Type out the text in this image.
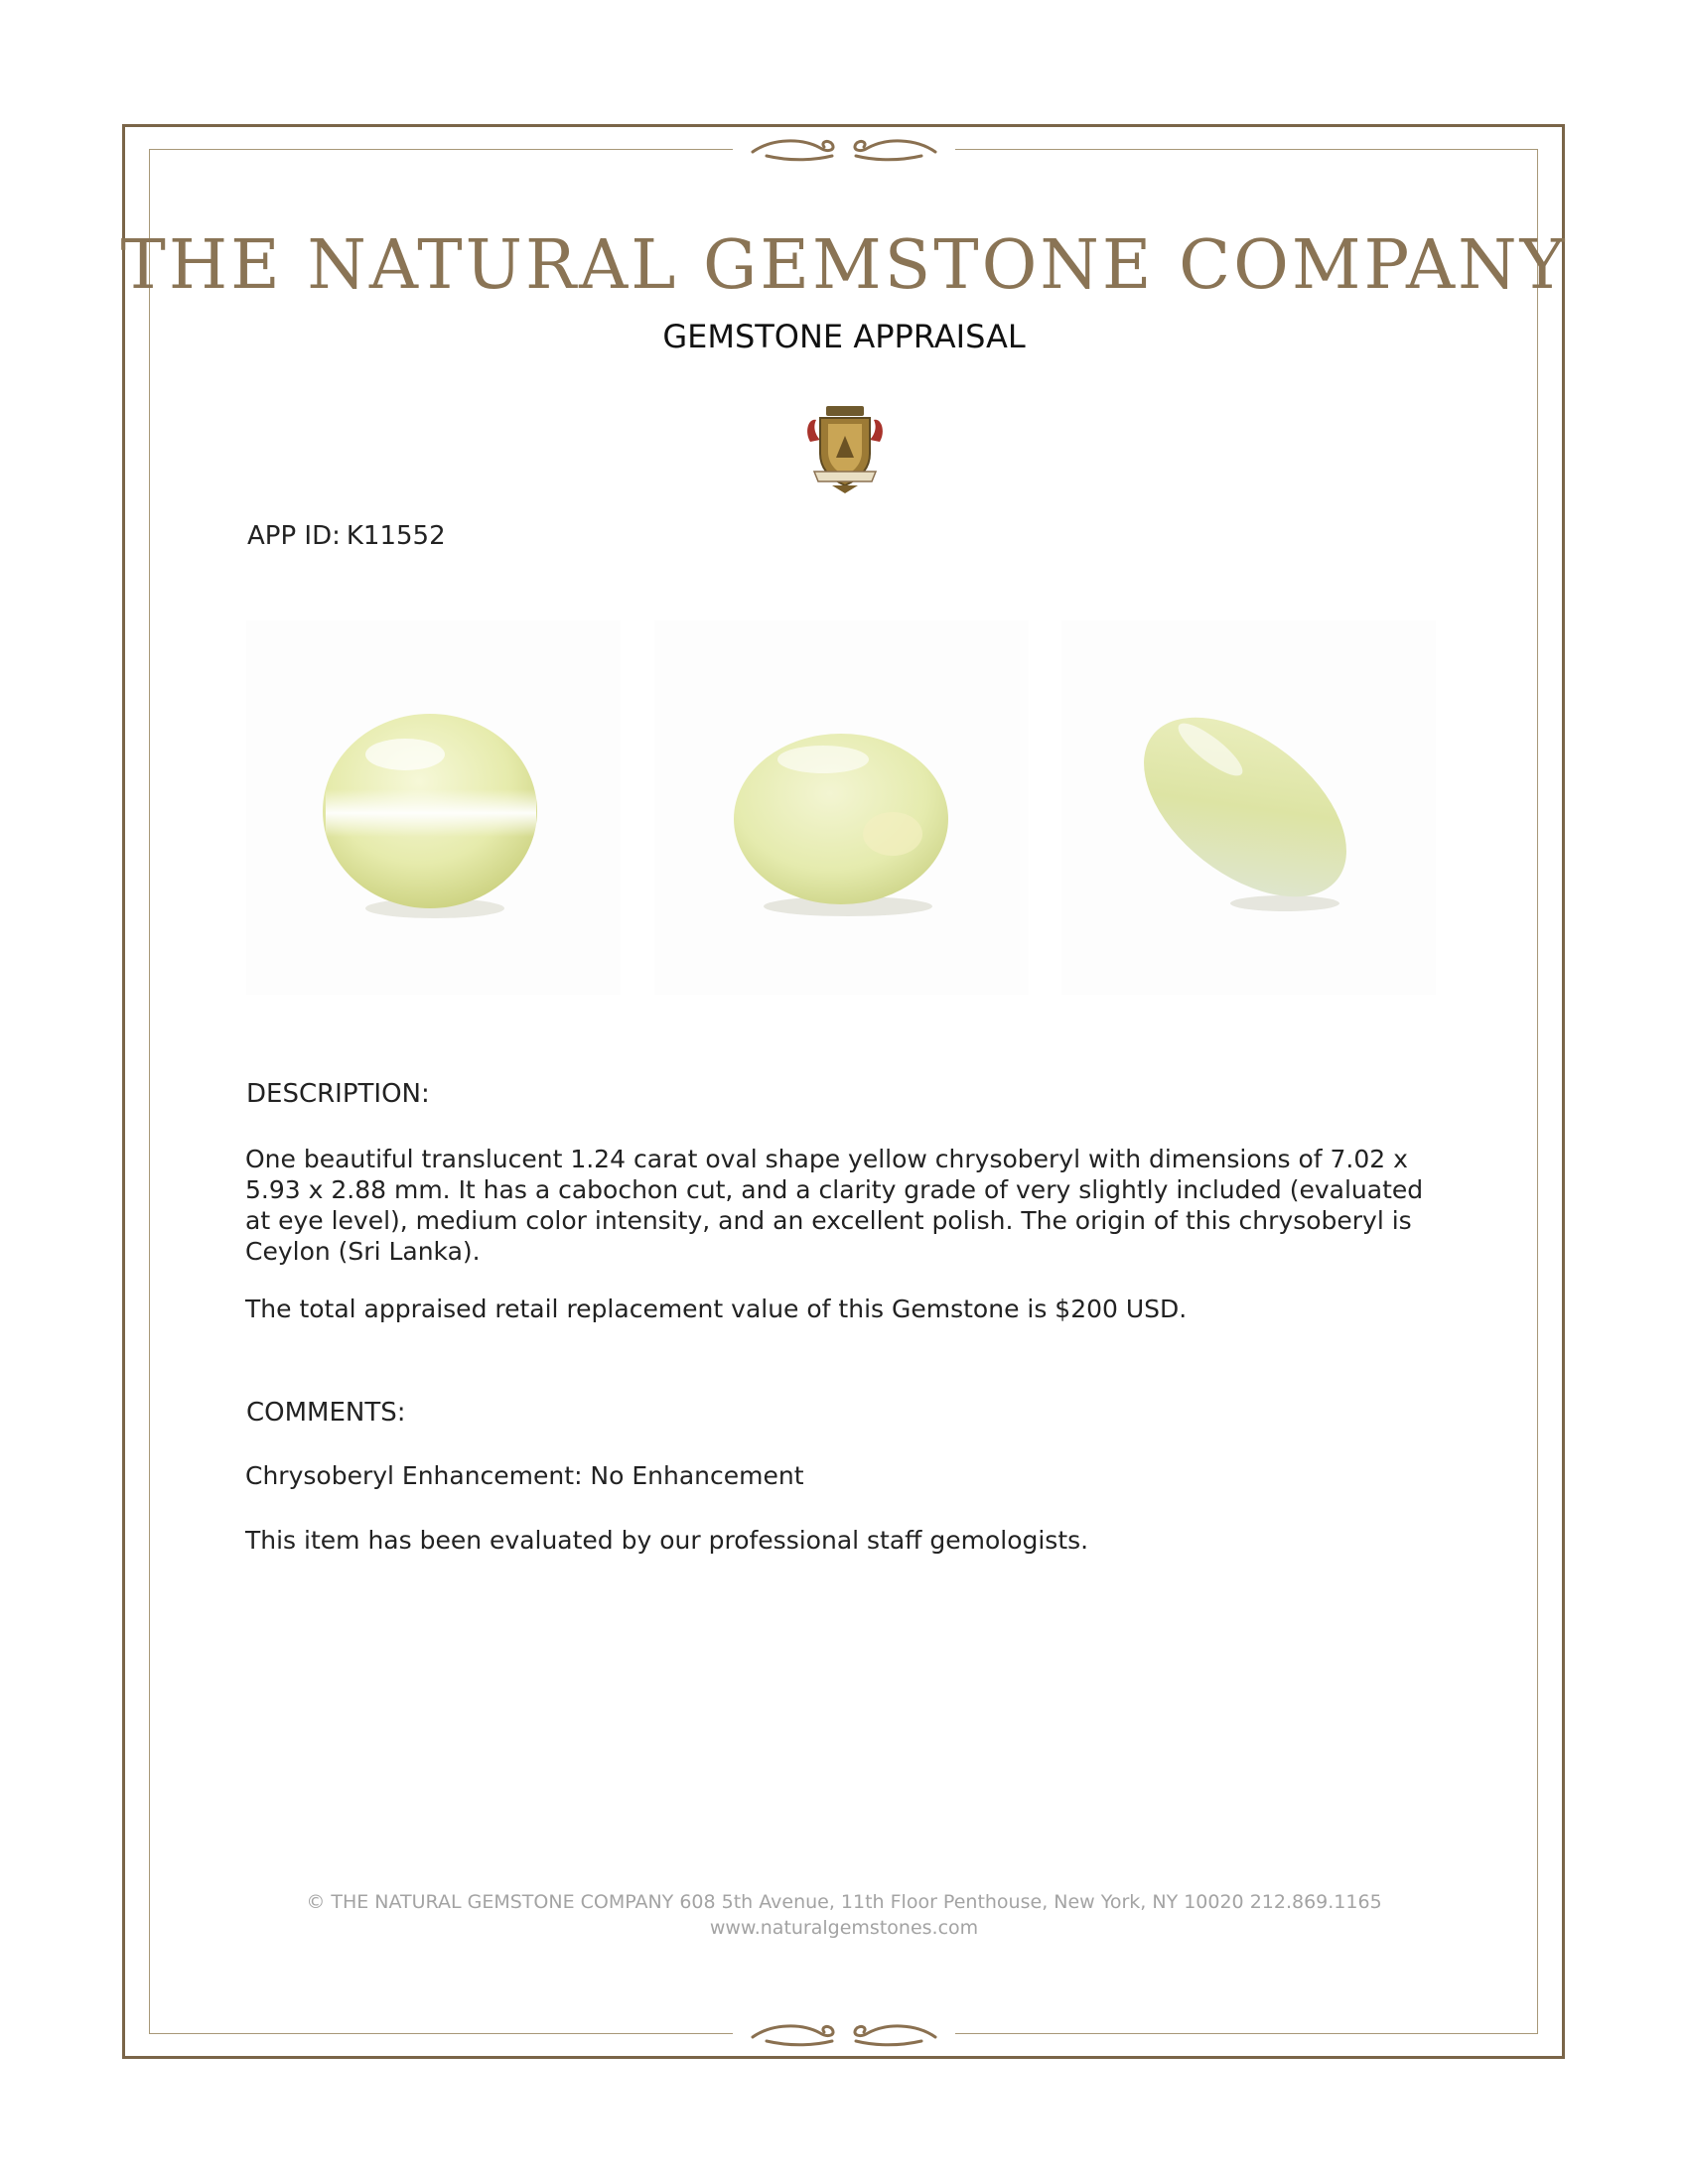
THE NATURAL GEMSTONE COMPANY
GEMSTONE APPRAISAL
APP ID: K11552
DESCRIPTION:
One beautiful translucent 1.24 carat oval shape yellow chrysoberyl with dimensions of 7.02 x 5.93 x 2.88 mm. It has a cabochon cut, and a clarity grade of very slightly included (evaluated at eye level), medium color intensity, and an excellent polish. The origin of this chrysoberyl is Ceylon (Sri Lanka).
The total appraised retail replacement value of this Gemstone is $200 USD.
COMMENTS:
Chrysoberyl Enhancement: No Enhancement
This item has been evaluated by our professional staff gemologists.
© THE NATURAL GEMSTONE COMPANY 608 5th Avenue, 11th Floor Penthouse, New York, NY 10020 212.869.1165
www.naturalgemstones.com
